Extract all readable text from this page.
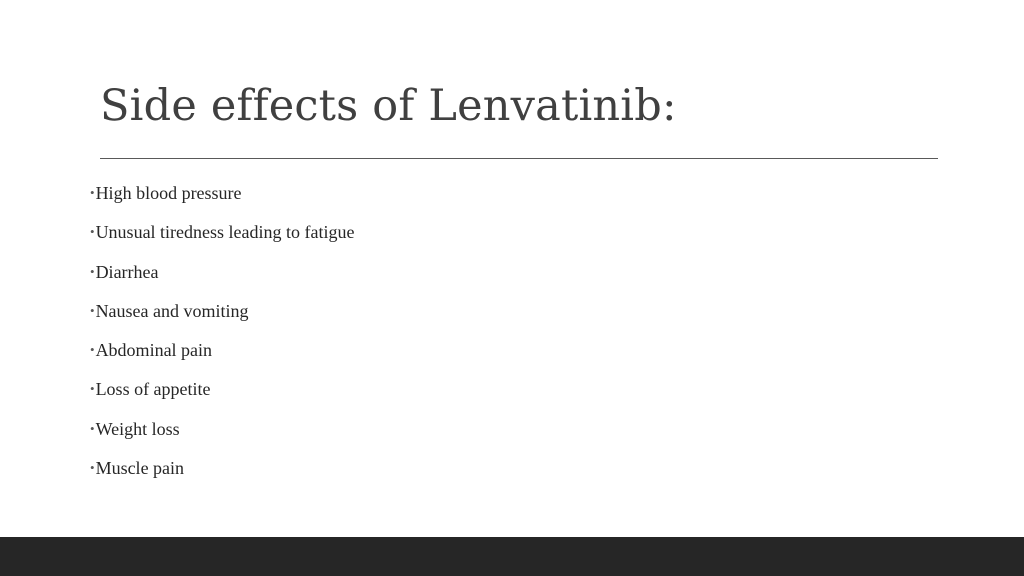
Side effects of Lenvatinib:
•High blood pressure
•Unusual tiredness leading to fatigue
•Diarrhea
•Nausea and vomiting
•Abdominal pain
•Loss of appetite
•Weight loss
•Muscle pain
